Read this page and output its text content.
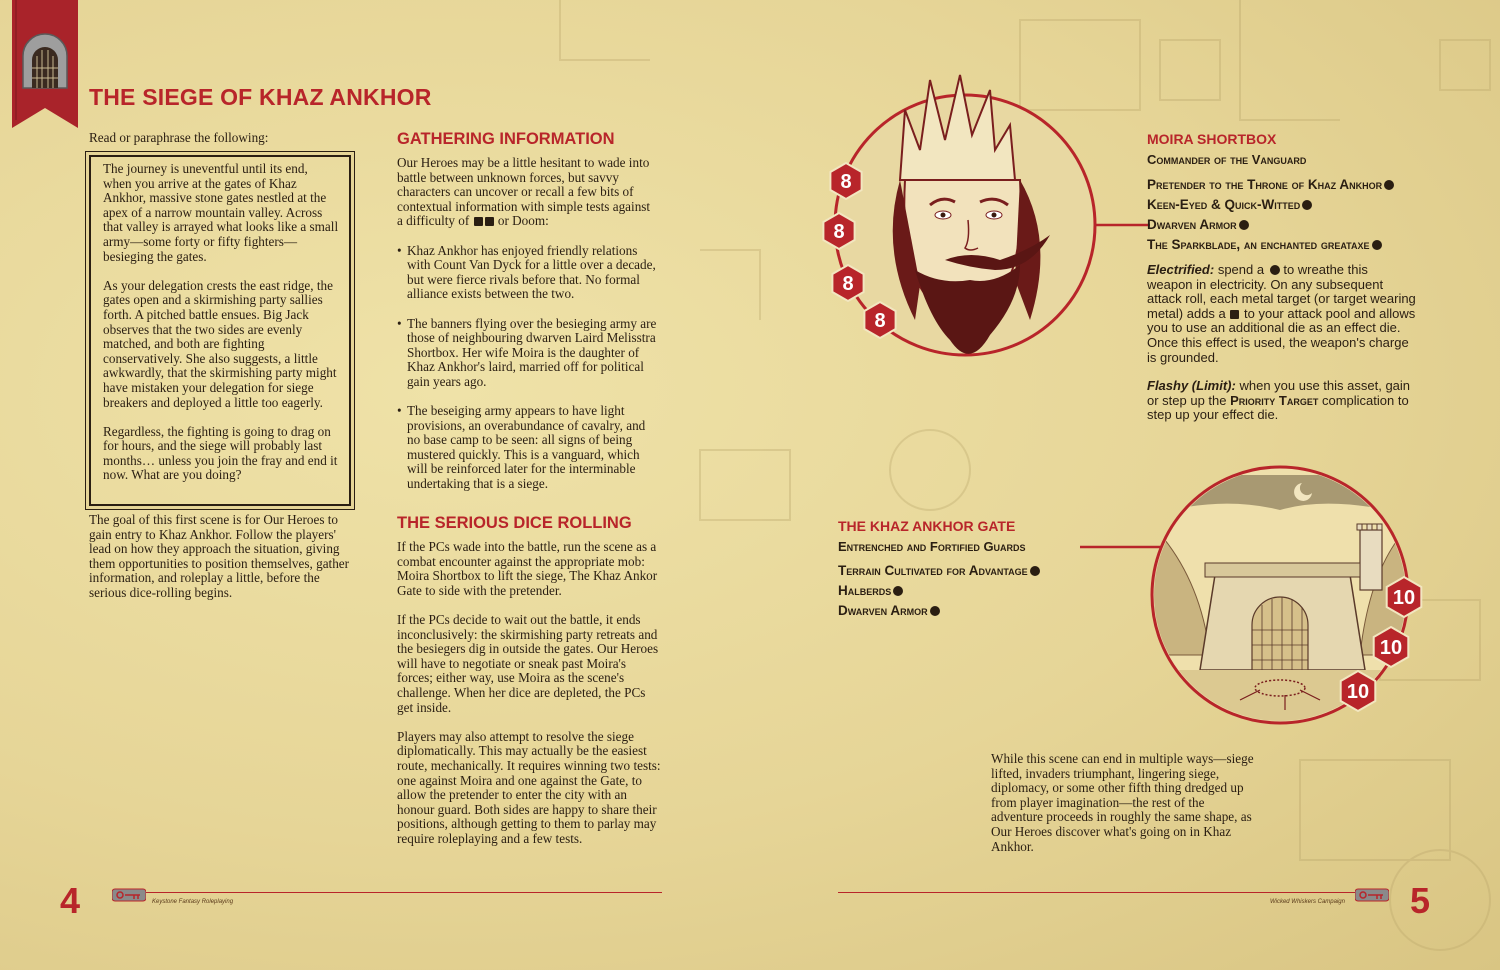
THE SIEGE OF KHAZ ANKHOR
Read or paraphrase the following:

The journey is uneventful until its end, when you arrive at the gates of Khaz Ankhor, massive stone gates nestled at the apex of a narrow mountain valley. Across that valley is arrayed what looks like a small army—some forty or fifty fighters—besieging the gates.

As your delegation crests the east ridge, the gates open and a skirmishing party sallies forth. A pitched battle ensues. Big Jack observes that the two sides are evenly matched, and both are fighting conservatively. She also suggests, a little awkwardly, that the skirmishing party might have mistaken your delegation for siege breakers and deployed a little too eagerly.

Regardless, the fighting is going to drag on for hours, and the siege will probably last months… unless you join the fray and end it now. What are you doing?

The goal of this first scene is for Our Heroes to gain entry to Khaz Ankhor. Follow the players' lead on how they approach the situation, giving them opportunities to position themselves, gather information, and roleplay a little, before the serious dice-rolling begins.
GATHERING INFORMATION
Our Heroes may be a little hesitant to wade into battle between unknown forces, but savvy characters can uncover or recall a few bits of contextual information with simple tests against a difficulty of or Doom:
• Khaz Ankhor has enjoyed friendly relations with Count Van Dyck for a little over a decade, but were fierce rivals before that. No formal alliance exists between the two.
• The banners flying over the besieging army are those of neighbouring dwarven Laird Melisstra Shortbox. Her wife Moira is the daughter of Khaz Ankhor's laird, married off for political gain years ago.
• The beseiging army appears to have light provisions, an overabundance of cavalry, and no base camp to be seen: all signs of being mustered quickly. This is a vanguard, which will be reinforced later for the interminable undertaking that is a siege.
THE SERIOUS DICE ROLLING

If the PCs wade into the battle, run the scene as a combat encounter against the appropriate mob: Moira Shortbox to lift the siege, The Khaz Ankor Gate to side with the pretender.

If the PCs decide to wait out the battle, it ends inconclusively: the skirmishing party retreats and the besiegers dig in outside the gates. Our Heroes will have to negotiate or sneak past Moira's forces; either way, use Moira as the scene's challenge. When her dice are depleted, the PCs get inside.

Players may also attempt to resolve the siege diplomatically. This may actually be the easiest route, mechanically. It requires winning two tests: one against Moira and one against the Gate, to allow the pretender to enter the city with an honour guard. Both sides are happy to share their positions, although getting to them to parlay may require roleplaying and a few tests.

4	Keystone Fantasy Roleplaying
8
8
8
8
MOIRA SHORTBOX
Commander of the Vanguard
Pretender to the Throne of Khaz Ankhor
Keen-Eyed & Quick-Witted
Dwarven Armor
The Sparkblade, an enchanted greataxe
Electrified: spend a to wreathe this weapon in electricity. On any subsequent attack roll, each metal target (or target wearing metal) adds a to your attack pool and allows you to use an additional die as an effect die. Once this effect is used, the weapon's charge is grounded.
Flashy (Limit): when you use this asset, gain or step up the Priority Target complication to step up your effect die.
10
10
10
THE KHAZ ANKHOR GATE
Entrenched and Fortified Guards
Terrain Cultivated for Advantage
Halberds
Dwarven Armor
While this scene can end in multiple ways—siege lifted, invaders triumphant, lingering siege, diplomacy, or some other fifth thing dredged up from player imagination—the rest of the adventure proceeds in roughly the same shape, as Our Heroes discover what's going on in Khaz Ankhor.
Wicked Whiskers Campaign 5
